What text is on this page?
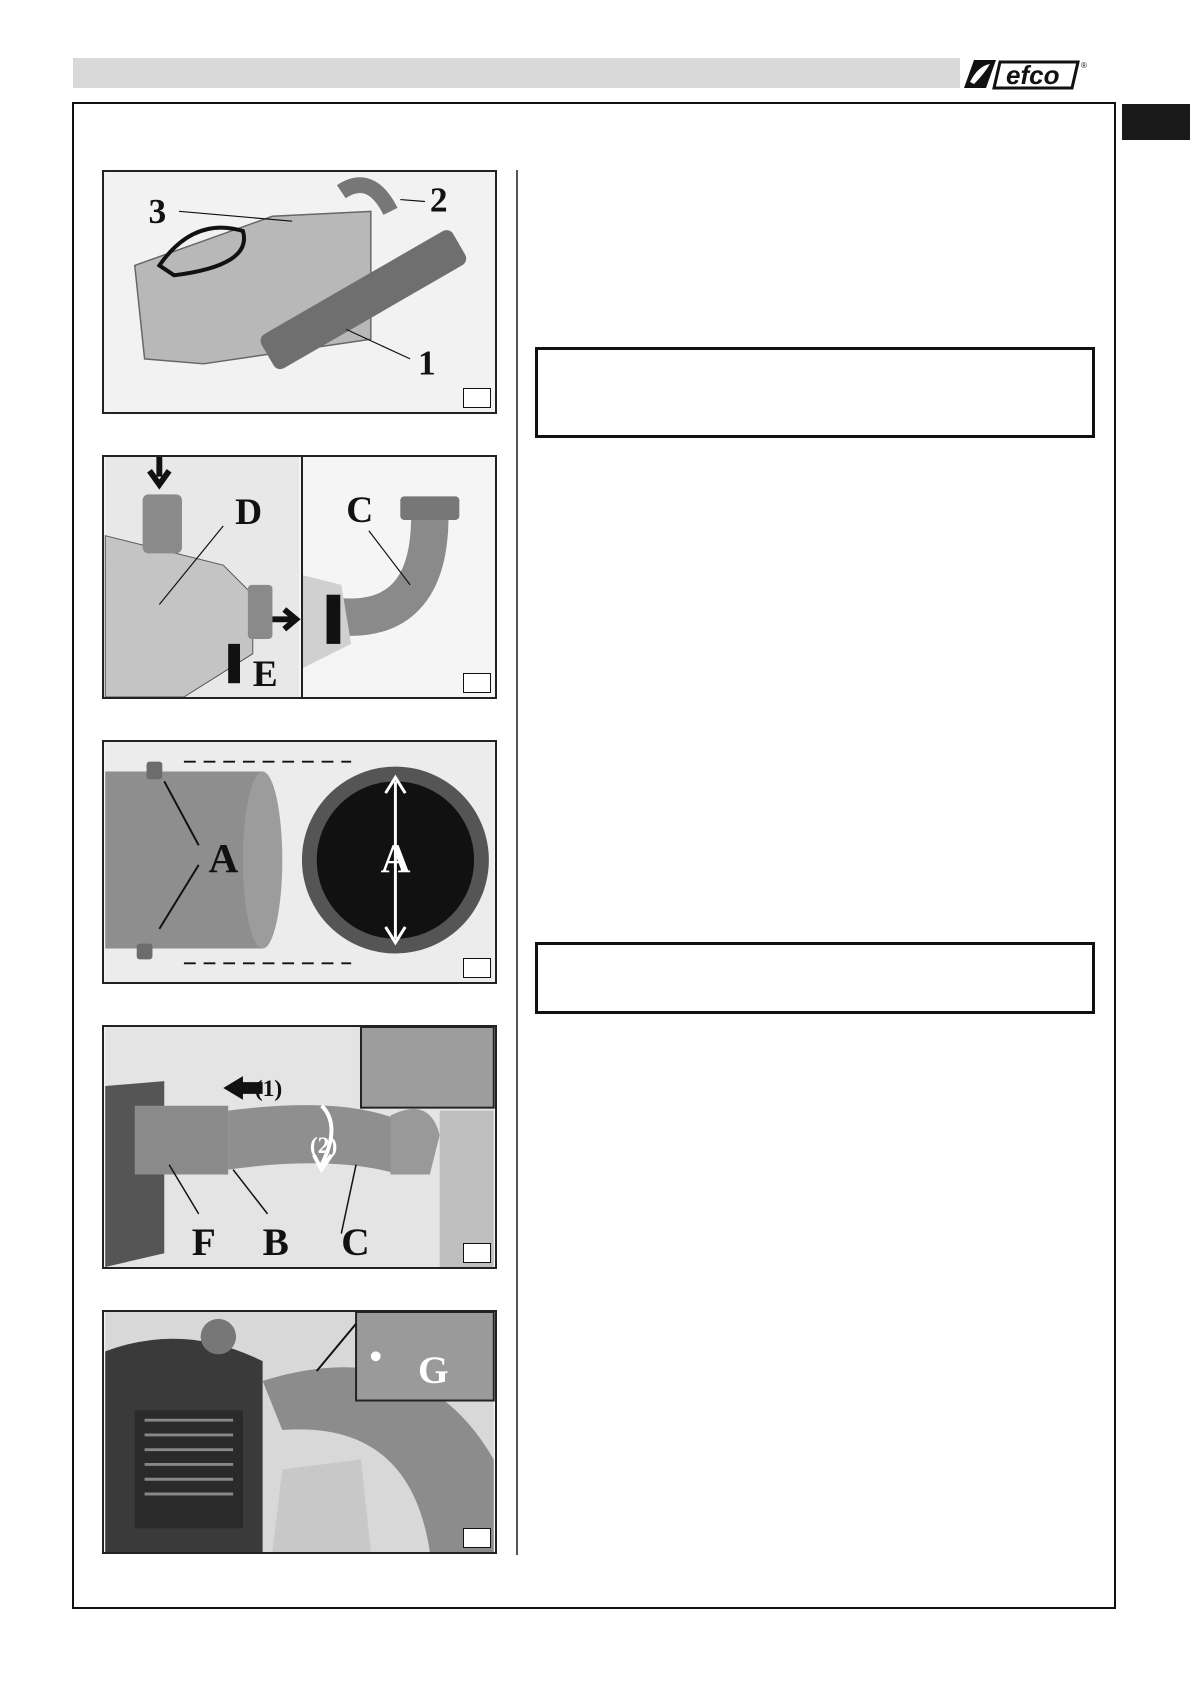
efco	®
3	2
1
D C
E
A	A
(1)
(2)
F B C
G
